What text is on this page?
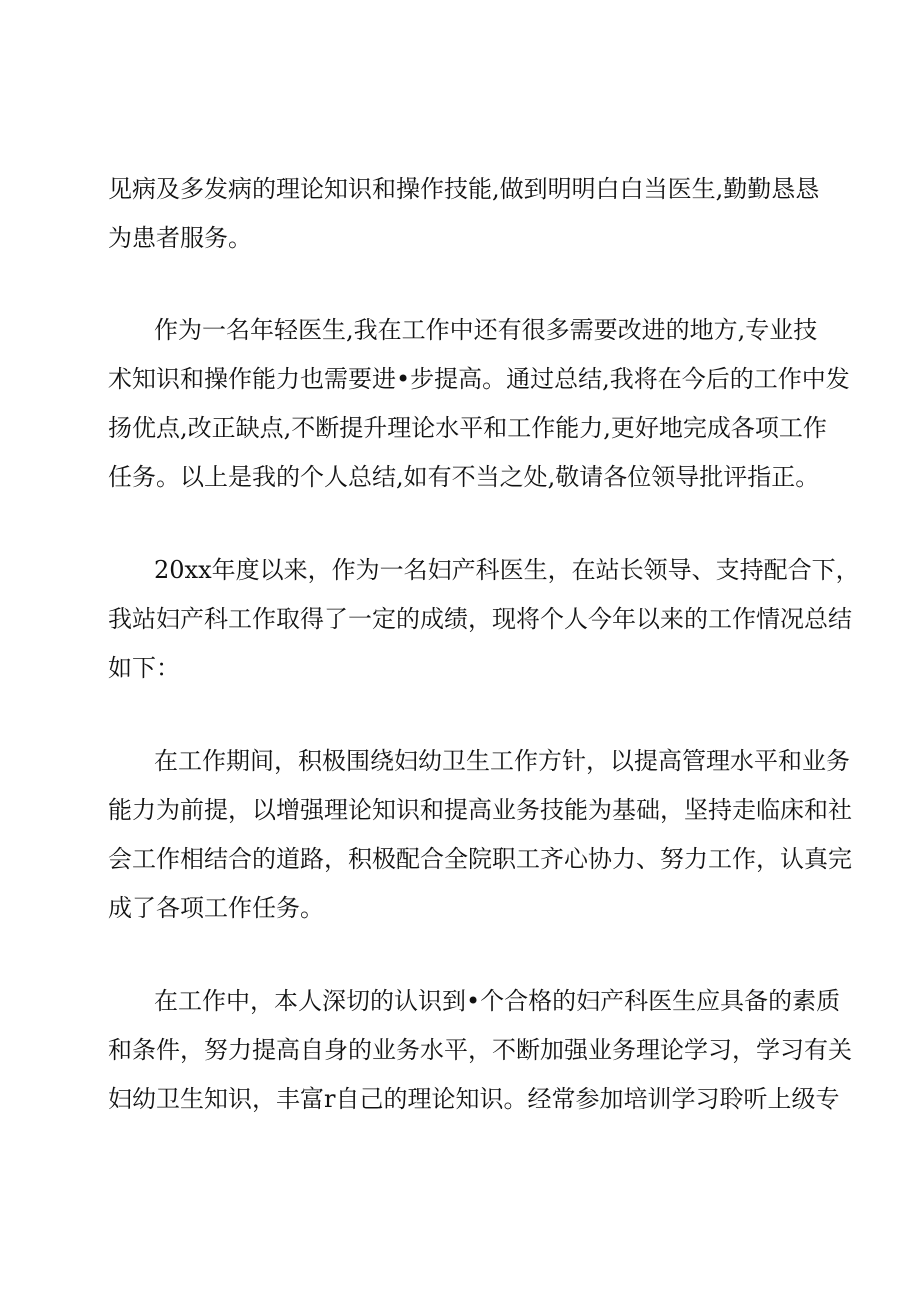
见病及多发病的理论知识和操作技能,做到明明白白当医生,勤勤恳恳
为患者服务。

作为一名年轻医生,我在工作中还有很多需要改进的地方,专业技
术知识和操作能力也需要进•步提高。通过总结,我将在今后的工作中发
扬优点,改正缺点,不断提升理论水平和工作能力,更好地完成各项工作
任务。以上是我的个人总结,如有不当之处,敬请各位领导批评指正。

20xx年度以来，作为一名妇产科医生，在站长领导、支持配合下，
我站妇产科工作取得了一定的成绩，现将个人今年以来的工作情况总结
如下：

在工作期间，积极围绕妇幼卫生工作方针，以提高管理水平和业务
能力为前提，以增强理论知识和提高业务技能为基础，坚持走临床和社
会工作相结合的道路，积极配合全院职工齐心协力、努力工作，认真完
成了各项工作任务。

在工作中，本人深切的认识到•个合格的妇产科医生应具备的素质
和条件，努力提高自身的业务水平，不断加强业务理论学习，学习有关
妇幼卫生知识，丰富r自己的理论知识。经常参加培训学习聆听上级专
